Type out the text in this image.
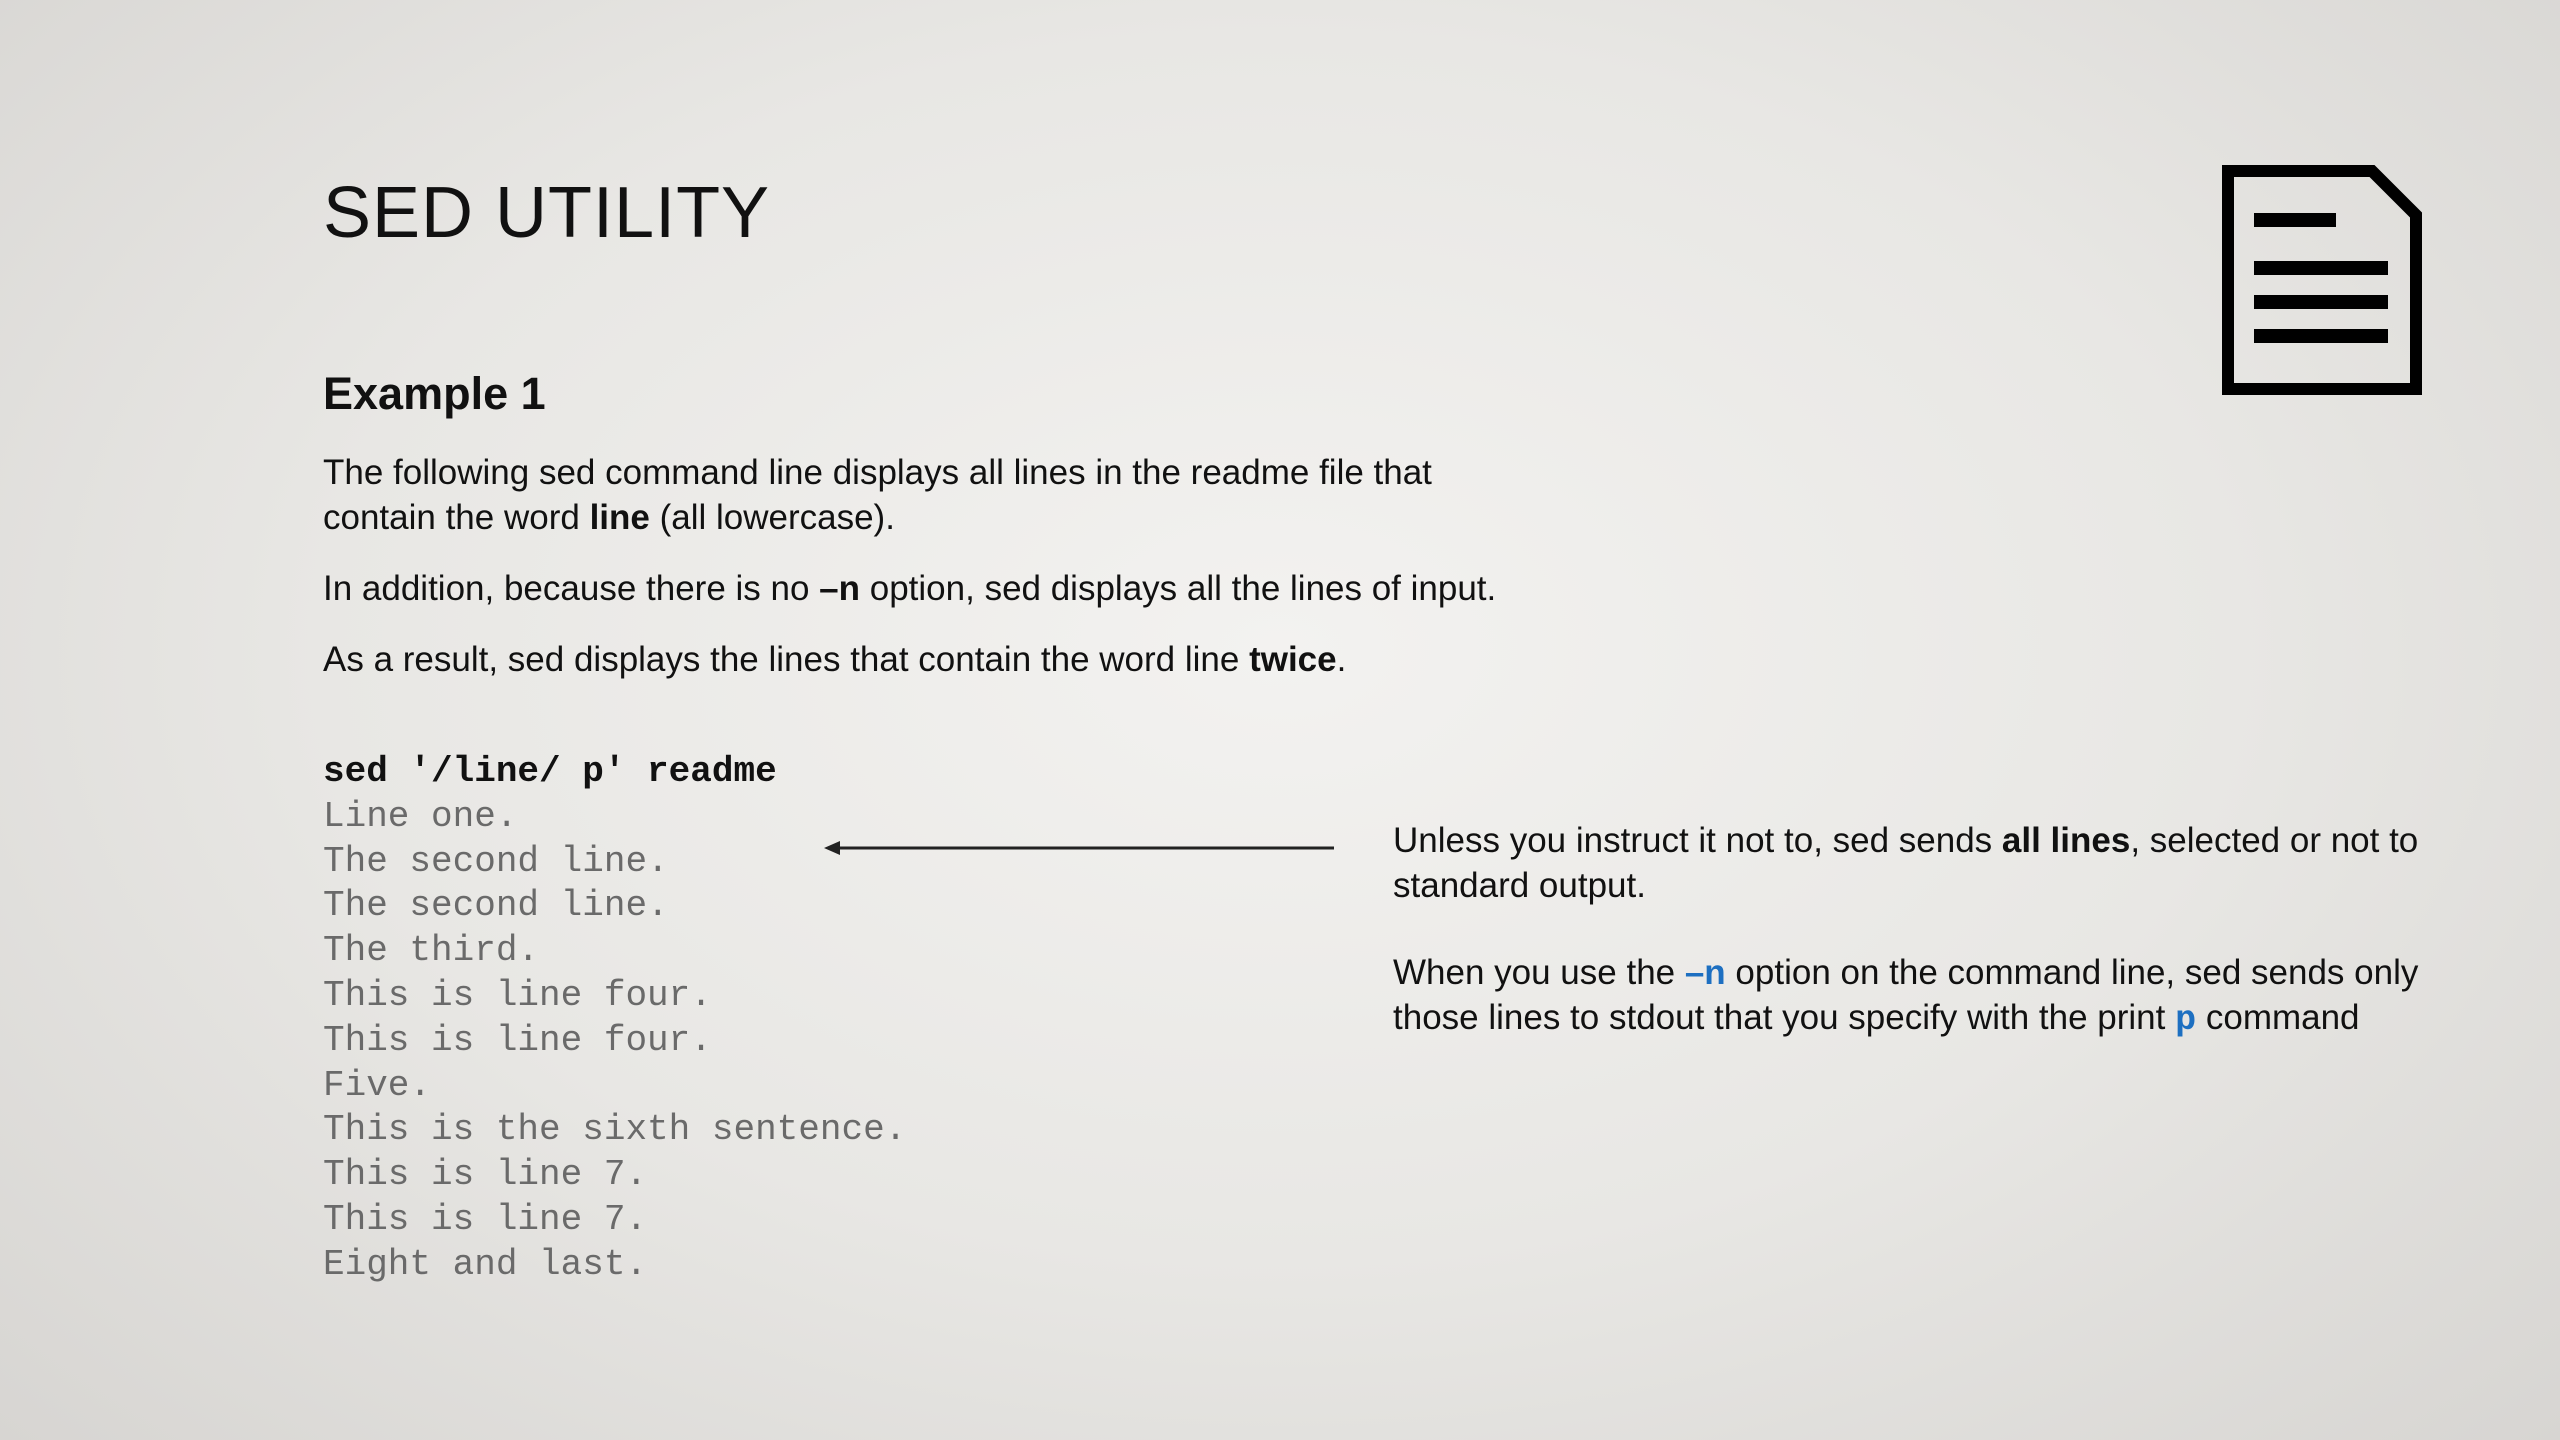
SED UTILITY
Example 1

The following sed command line displays all lines in the readme file that contain the word line (all lowercase).

In addition, because there is no –n option, sed displays all the lines of input.

As a result, sed displays the lines that contain the word line twice.

sed '/line/ p' readme
Line one.
The second line.
The second line.
The third.
This is line four.
This is line four.
Five.
This is the sixth sentence.
This is line 7.
This is line 7.
Eight and last.

Unless you instruct it not to, sed sends all lines, selected or not to standard output.

When you use the –n option on the command line, sed sends only those lines to stdout that you specify with the print p command
